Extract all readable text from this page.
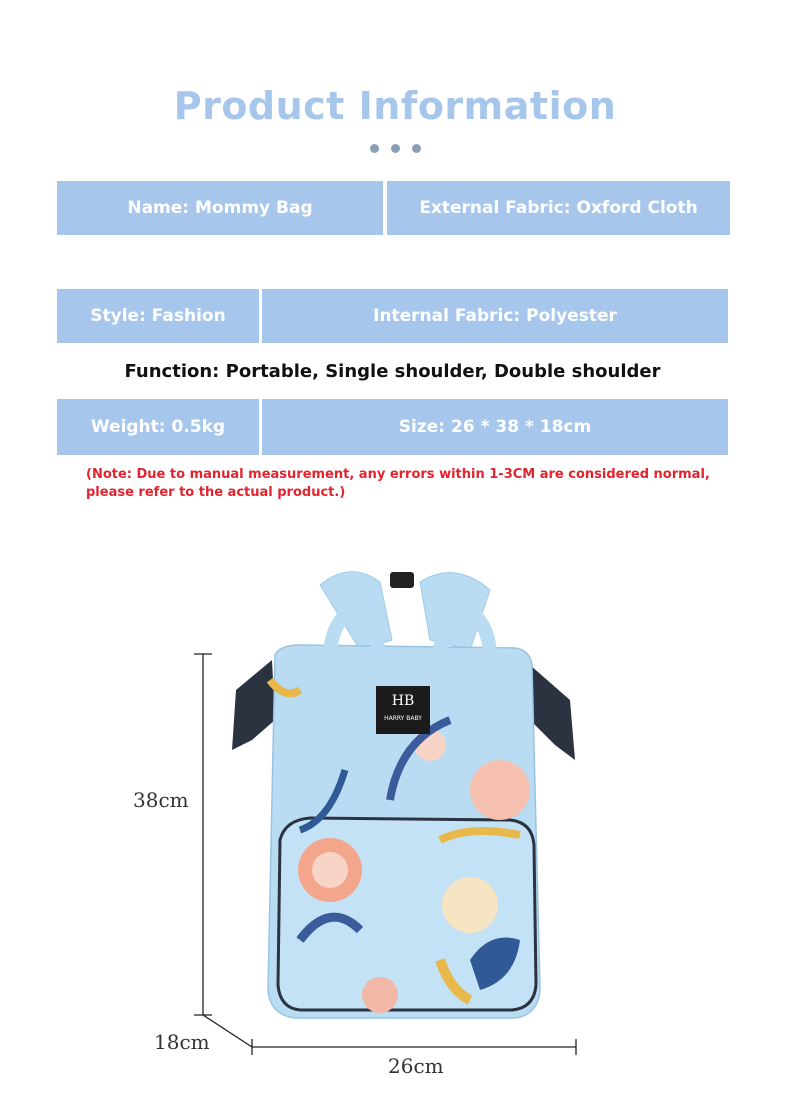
Product Information
Name: Mommy Bag	External Fabric: Oxford Cloth
Style: Fashion	Internal Fabric: Polyester
Function: Portable, Single shoulder, Double shoulder
Weight: 0.5kg	Size: 26 * 38 * 18cm
(Note: Due to manual measurement, any errors within 1-3CM are considered normal,
please refer to the actual product.)
HB
HARRY BABY
38cm
18cm
26cm
